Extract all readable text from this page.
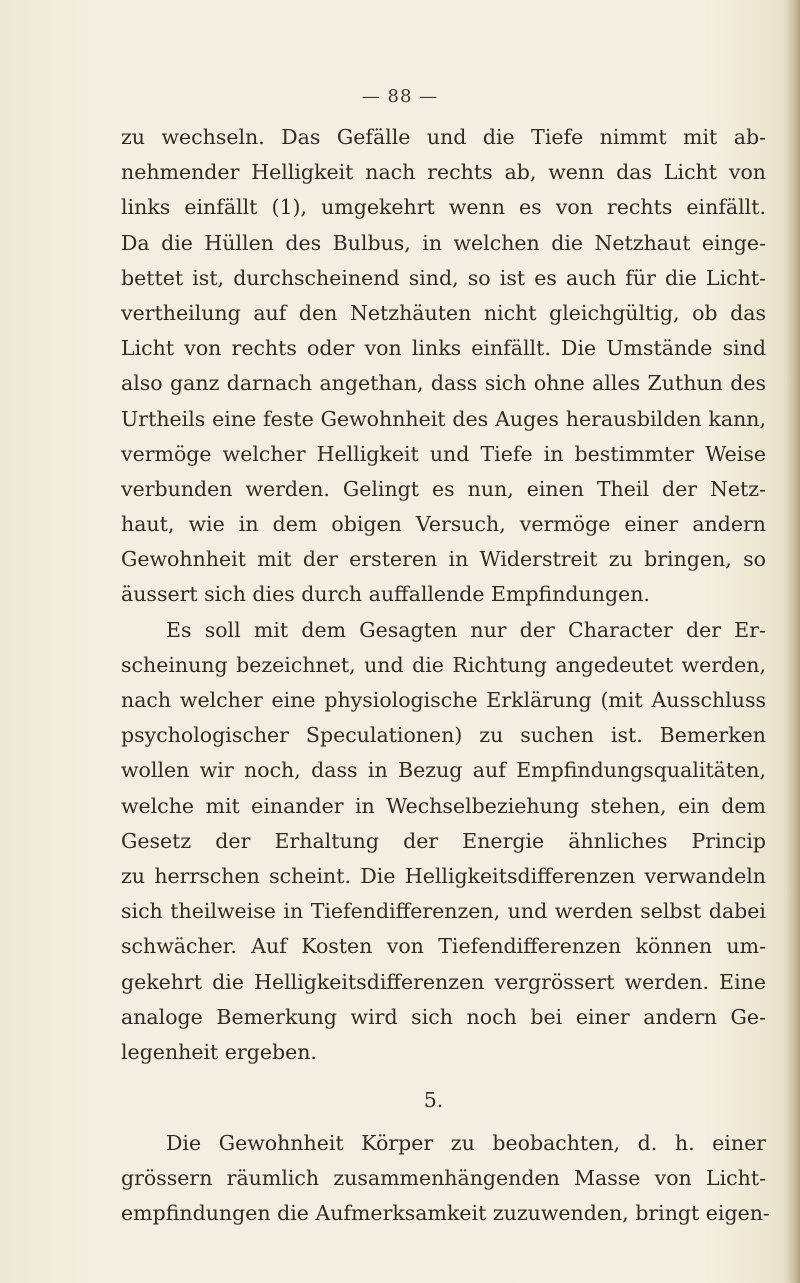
— 88 —
zu wechseln. Das Gefälle und die Tiefe nimmt mit ab-
nehmender Helligkeit nach rechts ab, wenn das Licht von
links einfällt (1), umgekehrt wenn es von rechts einfällt.
Da die Hüllen des Bulbus, in welchen die Netzhaut einge-
bettet ist, durchscheinend sind, so ist es auch für die Licht-
vertheilung auf den Netzhäuten nicht gleichgültig, ob das
Licht von rechts oder von links einfällt. Die Umstände sind
also ganz darnach angethan, dass sich ohne alles Zuthun des
Urtheils eine feste Gewohnheit des Auges herausbilden kann,
vermöge welcher Helligkeit und Tiefe in bestimmter Weise
verbunden werden. Gelingt es nun, einen Theil der Netz-
haut, wie in dem obigen Versuch, vermöge einer andern
Gewohnheit mit der ersteren in Widerstreit zu bringen, so
äussert sich dies durch auffallende Empfindungen.
Es soll mit dem Gesagten nur der Character der Er-
scheinung bezeichnet, und die Richtung angedeutet werden,
nach welcher eine physiologische Erklärung (mit Ausschluss
psychologischer Speculationen) zu suchen ist. Bemerken
wollen wir noch, dass in Bezug auf Empfindungsqualitäten,
welche mit einander in Wechselbeziehung stehen, ein dem
Gesetz der Erhaltung der Energie ähnliches Princip
zu herrschen scheint. Die Helligkeitsdifferenzen verwandeln
sich theilweise in Tiefendifferenzen, und werden selbst dabei
schwächer. Auf Kosten von Tiefendifferenzen können um-
gekehrt die Helligkeitsdifferenzen vergrössert werden. Eine
analoge Bemerkung wird sich noch bei einer andern Ge-
legenheit ergeben.
5.
Die Gewohnheit Körper zu beobachten, d. h. einer
grössern räumlich zusammenhängenden Masse von Licht-
empfindungen die Aufmerksamkeit zuzuwenden, bringt eigen-
